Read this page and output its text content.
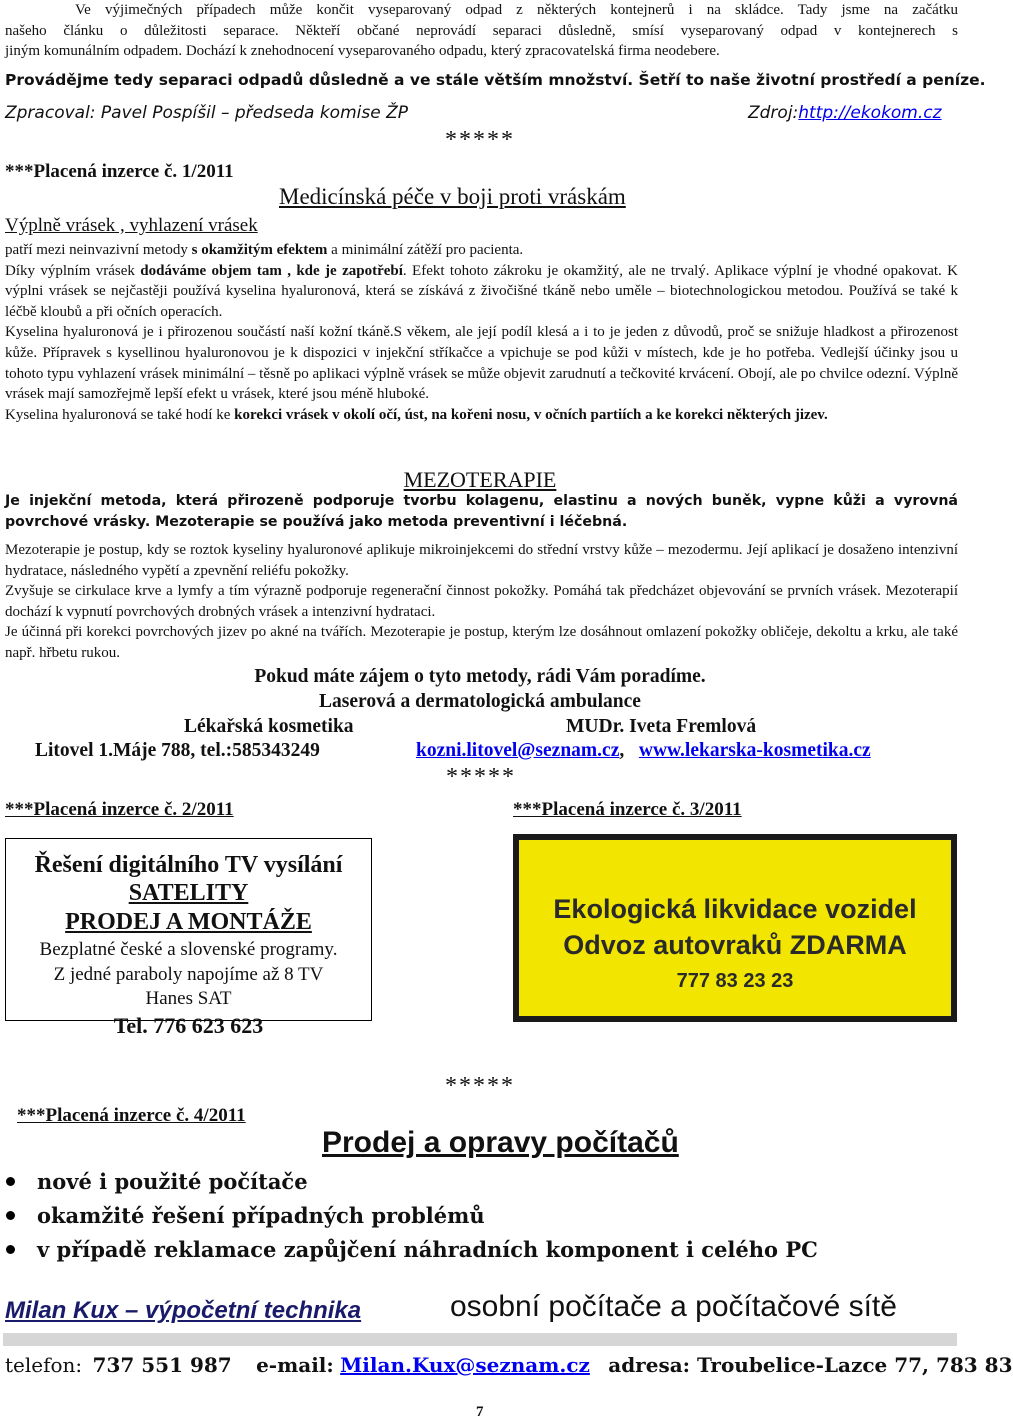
Ve výjimečných případech může končit vyseparovaný odpad z některých kontejnerů i na skládce. Tady jsme na začátku
našeho článku o důležitosti separace. Někteří občané neprovádí separaci důsledně, smísí vyseparovaný odpad v kontejnerech s
jiným komunálním odpadem. Dochází k znehodnocení vyseparovaného odpadu, který zpracovatelská firma neodebere.
Provádějme tedy separaci odpadů důsledně a ve stále větším množství. Šetří to naše životní prostředí a peníze.
Zpracoval: Pavel Pospíšil – předseda komise ŽP	Zdroj:http://ekokom.cz
*****
***Placená inzerce č. 1/2011
Medicínská péče v boji proti vráskám
Výplně vrásek , vyhlazení vrásek
patří mezi neinvazivní metody s okamžitým efektem a minimální zátěží pro pacienta.
Díky výplním vrásek dodáváme objem tam , kde je zapotřebí. Efekt tohoto zákroku je okamžitý, ale ne trvalý. Aplikace výplní je vhodné opakovat. K výplni vrásek se nejčastěji používá kyselina hyaluronová, která se získává z živočišné tkáně nebo uměle – biotechnologickou metodou. Používá se také k léčbě kloubů a při očních operacích.
Kyselina hyaluronová je i přirozenou součástí naší kožní tkáně.S věkem, ale její podíl klesá a i to je jeden z důvodů, proč se snižuje hladkost a přirozenost kůže. Přípravek s kysellinou hyaluronovou je k dispozici v injekční stříkačce a vpichuje se pod kůži v místech, kde je ho potřeba. Vedlejší účinky jsou u tohoto typu vyhlazení vrásek minimální – těsně po aplikaci výplně vrásek se může objevit zarudnutí a tečkovité krvácení. Obojí, ale po chvilce odezní. Výplně vrásek mají samozřejmě lepší efekt u vrásek, které jsou méně hluboké.
Kyselina hyaluronová se také hodí ke korekci vrásek v okolí očí, úst, na kořeni nosu, v očních partiích a ke korekci některých jizev.
MEZOTERAPIE
Je injekční metoda, která přirozeně podporuje tvorbu kolagenu, elastinu a nových buněk, vypne kůži a vyrovná povrchové vrásky. Mezoterapie se používá jako metoda preventivní i léčebná.
Mezoterapie je postup, kdy se roztok kyseliny hyaluronové aplikuje mikroinjekcemi do střední vrstvy kůže – mezodermu. Její aplikací je dosaženo intenzivní hydratace, následného vypětí a zpevnění reliéfu pokožky.
Zvyšuje se cirkulace krve a lymfy a tím výrazně podporuje regenerační činnost pokožky. Pomáhá tak předcházet objevování se prvních vrásek. Mezoterapií dochází k vypnutí povrchových drobných vrásek a intenzivní hydrataci.
Je účinná při korekci povrchových jizev po akné na tvářích. Mezoterapie je postup, kterým lze dosáhnout omlazení pokožky obličeje, dekoltu a krku, ale také např. hřbetu rukou.
Pokud máte zájem o tyto metody, rádi Vám poradíme.
Laserová a dermatologická ambulance
Lékařská kosmetika	MUDr. Iveta Fremlová
Litovel 1.Máje 788, tel.:585343249	kozni.litovel@seznam.cz, www.lekarska-kosmetika.cz
*****
***Placená inzerce č. 2/2011	***Placená inzerce č. 3/2011
Řešení digitálního TV vysílání
SATELITY
PRODEJ A MONTÁŽE
Bezplatné české a slovenské programy.
Z jedné paraboly napojíme až 8 TV
Hanes SAT
Tel. 776 623 623
Ekologická likvidace vozidel
Odvoz autovraků ZDARMA
777 83 23 23
*****
***Placená inzerce č. 4/2011
Prodej a opravy počítačů
nové i použité počítače
okamžité řešení případných problémů
v případě reklamace zapůjčení náhradních komponent i celého PC
Milan Kux – výpočetní technika	osobní počítače a počítačové sítě
telefon: 737 551 987 e-mail: Milan.Kux@seznam.cz adresa: Troubelice-Lazce 77, 783 83
7
